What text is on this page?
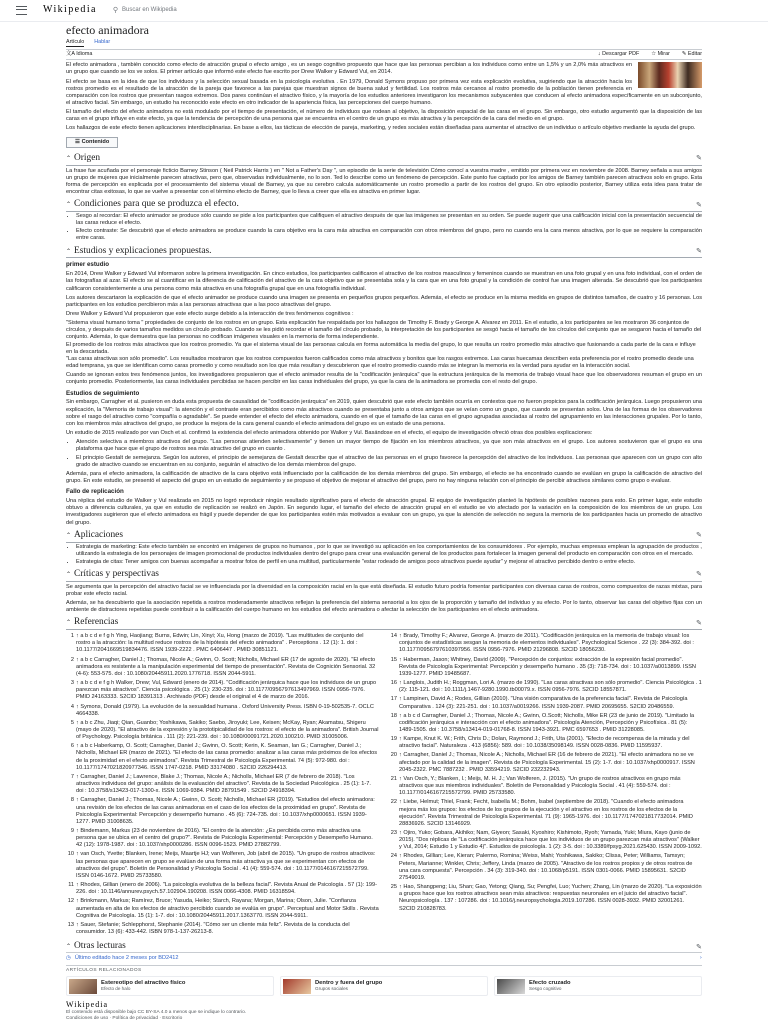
Wikipedia ⚲ Buscar en Wikipedia
efecto animadora
Artículo Hablar
文A Idioma	↓ Descargar PDF ☆ Mirar ✎ Editar

El efecto animadora , también conocido como efecto de atracción grupal o efecto amigo , es un sesgo cognitivo propuesto que hace que las personas percibian a los individuos como entre un 1,5% y un 2,0% más atractivos en un grupo que cuando se los ve solos. El primer artículo que informó este efecto fue escrito por Drew Walker y Edward Vul, en 2014.

El efecto se basa en la idea de que los individuos y la selección sexual basada en la psicología evolutiva . En 1979, Donald Symons propuso por primera vez esta explicación evolutiva, sugiriendo que la atracción hacia los rostros promedio es el resultado de la atracción de la pareja que favorece a las parejas que muestran signos de buena salud y fertilidad. Los rostros más cercanos al rostro promedio de la población tienen preferencia en comparación con los rostros que presentan rasgos extremos. Dos pares continúan el atractivo físico, y la mayoría de los estudios anteriores investigaron los mecanismos subyacentes que conducen al efecto animadora específicamente en un subconjunto, el atractivo facial. Sin embargo, un estudio ha reconocido este efecto en otro indicador de la apariencia física, las percepciones del cuerpo humano.

El tamaño del efecto del efecto animadora no está modulado por el tiempo de presentación, el número de individuos que rodean al objetivo, la disposición espacial de las caras en el grupo. Sin embargo, otro estudio argumentó que la disposición de las caras en el grupo influye en este efecto, ya que la tendencia de percepción de una persona que se encuentra en el centro de un grupo es más atractiva y la percepción de la cara del medio en el grupo.

Los hallazgos de este efecto tienen aplicaciones interdisciplinarias. En base a ellos, las tácticas de elección de pareja, marketing, y redes sociales están diseñadas para aumentar el atractivo de un individuo o artículo objetivo mediante la ayuda del grupo.

☰ Contenido
⌃ Origen	✎

La frase fue acuñada por el personaje ficticio Barney Stinson ( Neil Patrick Harris ) en " Not a Father's Day ", un episodio de la serie de televisión Cómo conocí a vuestra madre , emitido por primera vez en noviembre de 2008. Barney señala a sus amigos un grupo de mujeres que inicialmente parecen atractivas, pero que, observadas individualmente, no lo son. Ted lo describe como un fenómeno de percepción. Este punto fue captado por los amigos de Barney también parecen atractivos solo en grupo. Esta forma de percepción es explicada por el procesamiento del sistema visual de Barney, ya que su cerebro calcula automáticamente un rostro promedio a partir de los rostros del grupo. En otro episodio posterior, Barney utiliza esta idea para tratar de encontrar citas exitosas, lo que se vuelve a presentar con el término efecto de Barney, que lo lleva a creer que ella es atractiva en primer lugar.

⌃ Condiciones para que se produzca el efecto.	✎
• Sesgo al recordar: El efecto animador se produce sólo cuando se pide a los participantes que califiquen el atractivo después de que las imágenes se presentan en su orden. Se puede sugerir que una calificación inicial con la presentación secuencial de las caras reduce el efecto.
• Efecto contraste: Se descubrió que el efecto animadora se produce cuando la cara objetivo era la cara más atractiva en comparación con otros miembros del grupo, pero no cuando era la cara menos atractiva, por lo que se requiere la comparación entre caras.
⌃ Estudios y explicaciones propuestas.	✎
primer estudio

En 2014, Drew Walker y Edward Vul informaron sobre la primera investigación. En cinco estudios, los participantes calificaron el atractivo de los rostros masculinos y femeninos cuando se muestran en una foto grupal y en una foto individual, con el orden de las fotografías al azar. El efecto se al cuantificar en la diferencia de calificación del atractivo de la cara objetivo que se presentaba sola y la cara que en una foto grupal y la condición de control fue una imagen alterada. Se descubrió que los participantes calificaron consistentemente a una persona como más atractiva en una fotografía grupal que en una fotografía individual.

Los autores descartaron la explicación de que el efecto animador se produce cuando una imagen se presenta en pequeños grupos pequeños. Además, el efecto se produce en la misma medida en grupos de distintos tamaños, de cuatro y 16 personas. Los participantes en los estudios percibieron más a las personas atractivas que a las poco atractivas del grupo.

Drew Walker y Edward Vul propusieron que este efecto surge debido a la interacción de tres fenómenos cognitivos :

1. "Sistema visual humano toma " propiedades de conjunto de los rostros en un grupo. Esta explicación fue respaldada por los hallazgos de Timothy F. Brady y George A. Alvarez en 2011. En el estudio, a los participantes se les mostraron 36 conjuntos de círculos, y después de varios tamaños medidos un círculo probado. Cuando se les pidió recordar el tamaño del círculo probado, la interpretación de los participantes se sesgó hacia el tamaño de los círculos del conjunto que se sesgaron hacia el tamaño del conjunto. Además, lo que demuestra que las personas no codifican imágenes visuales en la memoria de forma independiente.
2. El promedio de los rostros más atractivos que los rostros promedio. Ya que el sistema visual de las personas calcula en forma automática la media del grupo, lo que resulta un rostro promedio más atractivo que fusionando a cada parte de la cara e influye en la descartada.
3. "Las caras atractivas son sólo promedio". Los resultados mostraron que los rostros compuestos fueron calificados como más atractivos y bonitos que los rasgos extremos. Las caras huecamas describen esta preferencia por el rostro promedio desde una edad temprana, ya que se identifican como caras promedio y como resultado son los que más resultan y descubrieron que el rostro promedio cuando más se integran la memoria es la verdad para ayudar en la interacción social.

Cuando se ignoran estos tres fenómenos juntos, los investigadores propusieron que el efecto animador resulta de la "codificación jerárquica" que la estructura jerárquica de la memoria de trabajo visual hace que los observadores resuman el grupo en un conjunto promedio. Posteriormente, las caras individuales percibidas se hacen percibir en las caras individuales del grupo, ya que la cara de la animadora se promedia con el resto del grupo.

Estudios de seguimiento

Sin embargo, Carragher et al. pusieron en duda esta propuesta de causalidad de "codificación jerárquica" en 2019, quien descubrió que este efecto también ocurría en contextos que no fueron propicios para la codificación jerárquica. Luego propusieron una explicación, la "Memoria de trabajo visual": la atención y el contraste eran percibidos como más atractivos cuando se presentaba junto a otros amigos que se veían como un grupo, que cuando se presentan solos. Una de las formas de los observadores sobre el rasgo del atractivo como "compañía o agradable". Se puede entender el efecto del efecto animadora, cuando en el que el tamaño de las caras en el grupo agrupadas asociadas al rostro del agrupamiento en las interacciones grupales. Por lo tanto, con los miembros más atractivos del grupo, se produce la mejora de la cara general cuando el efecto animadora del grupo es un estado de una persona.

Un estudio de 2015 realizado por van Osch et al. confirmó la existencia del efecto animadora obtenido por Walker y Vul. Basándose en el efecto, el equipo de investigación ofreció otras dos posibles explicaciones:

• Atención selectiva a miembros atractivos del grupo. "Las personas atienden selectivamente" y tienen un mayor tiempo de fijación en los miembros atractivos, ya que son más atractivos en el grupo. Los autores sostuvieron que el grupo es una plataforma que hace que el grupo de rostros sea más atractivo del grupo en cuanto .
• El principio Gestalt de semejanza. Según los autores, el principio de semejanza de Gestalt describe que el atractivo de las personas en el grupo favorece la percepción del atractivo de los individuos. Las personas que aparecen con un grupo con alto grado de atractivo cuando se encuentran en su conjunto, seguirán el atractivo de los demás miembros del grupo.

Además, para el efecto animadora, la calificación de atractivo de la cara objetivo está influenciado por la calificación de los demás miembros del grupo. Sin embargo, el efecto se ha encontrado cuando se evalúan en grupo la calificación de atractivo del grupo. En este estudio, se presentó el aspecto del grupo en un estudio de seguimiento y se propuso el objetivo de mejorar el atractivo del grupo, pero no hay ninguna relación con el principio de percibir atractivos similares como grupo o evaluar.

Fallo de replicación

Una réplica del estudio de Walker y Vul realizada en 2015 no logró reproducir ningún resultado significativo para el efecto de atracción grupal. El equipo de investigación planteó la hipótesis de posibles razones para esto. En primer lugar, este estudio obtuvo a diferencia culturales, ya que en estudio de replicación se realizó en Japón. En segundo lugar, el tamaño del efecto de atracción grupal en el estudio se vio afectado por la variación en la composición de los miembros de un grupo. Los investigadores sugirieron que el efecto animadora es frágil y puede depender de que los participantes estén más motivados a evaluar con un grupo, ya que la atención de selección no segura la memoria de los participantes hacia un promedio de atractivo del grupo.

⌃ Aplicaciones	✎
• Estrategia de marketing: Este efecto también se encontró en imágenes de grupos no humanos , por lo que se investigó su aplicación en los comportamientos de los consumidores . Por ejemplo, muchas empresas emplean la agrupación de productos , utilizando la estrategia de los personajes de imagen promocional de productos individuales dentro del grupo para crear una evaluación general de los productos para fortalecer la imagen general del producto en comparación con otros en el mercado.
• Estrategia de citas: Tener amigos con buenas acompañar a mostrar fotos de perfil en una multitud, particularmente "estar rodeado de amigos poco atractivos puede ayudar" y mejorar el atractivo percibido dentro o entre efecto.
⌃ Críticas y perspectivas	✎

Se argumenta que la percepción del atractivo facial se ve influenciada por la diversidad en la composición racial en la que está diseñada. El estudio futuro podría fomentar participantes con diversas caras de rostros, como compuestos de razas mixtas, para probar este efecto racial.

Además, se ha descubierto que la asociación repetida a rostros moderadamente atractivos reflejan la preferencia del sistema sensorial a los ojos de la proporción y tamaño del individuo y su efecto. Por lo tanto, observar las caras del objetivo fijas con un ambiente de distractores repetidas puede contribuir a la calificación del cuerpo humano en los estudios del efecto animadora o afectar la selección de los participantes en el efecto animadora.

⌃ Referencias	✎
1 ↑ a b c d e f g h Ying, Haojiang; Burns, Edwin; Lin, Xinyi; Xu, Hong (marzo de 2019). "Las multitudes de conjunto del rostro a la atracción: la multitud reduce rostros de la hipótesis del efecto animadora" . Perceptions . 12 (1): 1. doi : 10.1177/2041669519834476. ISSN 1939-2222 . PMC 6406447 . PMID 30851121.
2 ↑ a b c Carragher, Daniel J.; Thomas, Nicole A.; Gwinn, O. Scott; Nicholls, Michael ER (17 de agosto de 2020). "El efecto animadora es resistente a la manipulación experimental del tiempo de presentación". Revista de Cognición Sensorial. 32 (4-6): 553-575. doi : 10.1080/20445911.2020.1776718. ISSN 2044-5911.
3 ↑ a b c d e f g h Walker, Drew; Vul, Edward (enero de 2014). "Codificación jerárquica hace que los individuos de un grupo parezcan más atractivos". Ciencia psicológica . 25 (1): 230-235. doi : 10.1177/0956797613497969. ISSN 0956-7976. PMID 24163333. S2CID 18391313 . Archivado (PDF) desde el original el 4 de marzo de 2016.
4 ↑ Symons, Donald (1979). La evolución de la sexualidad humana . Oxford University Press. ISBN 0-19-502535-7. OCLC 4664338.
5 ↑ a b c Zhu, Jiaqi; Qian, Guanbo; Yoshikawa, Sakiko; Saebo, Jiroyuki; Lee, Keisen; McKay, Ryan; Akamatsu, Shigeru (mayo de 2020). "El atractivo de la expresión y la prototipicalidad de los rostros: el efecto de la animadora". British Journal of Psychology. Psicología británica . 111 (2): 221-239. doi : 10.1080/00091721.2020.100210. PMID 31005006.
6 ↑ a b c Haberkamp, O. Scott; Carragher, Daniel J.; Gwinn, O. Scott; Kerin, K. Seaman, Ian G.; Carragher, Daniel J.; Nicholls, Michael ER (marzo de 2021). "El efecto de las caras promedio: analizar a las caras más próximos de los efectos de la proximidad en el efecto animadora". Revista Trimestral de Psicología Experimental. 74 (5): 972-980. doi : 10.1177/1747021820977346. ISSN 1747-0218. PMID 33174080 . S2CID 226294413.
7 ↑ Carragher, Daniel J.; Lawrence, Blake J.; Thomas, Nicole A.; Nicholls, Michael ER (7 de febrero de 2018). "Los atractivos individuos del grupo: análisis de la evaluación del atractivo". Revista de la Sociedad Psicológica . 25 (1): 1-7. doi : 10.3758/s13423-017-1300-x. ISSN 1069-9384. PMID 28791549 . S2CID 24918394.
8 ↑ Carragher, Daniel J.; Thomas, Nicole A.; Gwinn, O. Scott; Nicholls, Michael ER (2019). "Estudios del efecto animadora: una revisión de los efectos de las caras animadoras en el caso de los efectos de la proximidad en grupo". Revista de Psicología Experimental: Percepción y desempeño humano . 45 (6): 724-735. doi : 10.1037/xhp0000651. ISSN 1939-1277. PMID 31008635.
9 ↑ Bindemann, Markus (23 de noviembre de 2016). "El centro de la atención: ¿Es percibida como más atractiva una persona que se ubica en el centro del grupo?". Revista de Psicología Experimental: Percepción y Desempeño Humano. 42 (12): 1978-1987. doi : 10.1037/xhp0000286. ISSN 0096-1523. PMID 27882799.
10 ↑ van Osch, Yvette; Blanken, Irene; Meijs, Maartje HJ; van Wolferen, Job (abril de 2015). "Un grupo de rostros atractivos: las personas que aparecen en grupo se evalúan de una forma más atractiva ya que se experimentan con efectos de atractivos del grupo". Boletín de Personalidad y Psicología Social . 41 (4): 559-574. doi : 10.1177/0146167215572799. ISSN 0146-1672. PMID 25733580.
11 ↑ Rhodes, Gillian (enero de 2006). "La psicología evolutiva de la belleza facial". Revista Anual de Psicología . 57 (1): 199-226. doi : 10.1146/annurev.psych.57.102904.190208. ISSN 0066-4308. PMID 16318594.
12 ↑ Brinkmann, Markus; Ramírez, Bruce; Yasuda, Heiko; Starch, Rayana; Morgan, Marina; Olson, Julie. "Confianza aumentada en alta de los efectos de atractivo percibido cuando se evalúa en grupo". Perceptual and Motor Skills . Revista Cognitiva de Psicología. 15 (1): 1-7. doi : 10.1080/20445911.2017.1363770. ISSN 2044-5911.
13 ↑ Sauer, Stefanie; Schlepphorst, Stephanie (2014). "Cómo ser un cliente más feliz". Revista de la conducta del consumidor. 13 (6): 433-442. ISBN 978-1-137-26213-8.
14 ↑ Brady, Timothy F.; Alvarez, George A. (marzo de 2011). "Codificación jerárquica en la memoria de trabajo visual: los conjuntos de estadísticas sesgan la memoria de elementos individuales". Psychological Science . 22 (3): 384-392. doi : 10.1177/0956797610397956. ISSN 0956-7976. PMID 21296808. S2CID 18056230.
15 ↑ Haberman, Jason; Whitney, David (2009). "Percepción de conjuntos: extracción de la expresión facial promedio". Revista de Psicología Experimental: Percepción y desempeño humano . 35 (3): 718-734. doi : 10.1037/a0013899. ISSN 1939-1277. PMID 19485687.
16 ↑ Langlois, Judith H.; Roggman, Lori A. (marzo de 1990). "Las caras atractivas son sólo promedio". Ciencia Psicológica . 1 (2): 115-121. doi : 10.1111/j.1467-9280.1990.tb00079.x. ISSN 0956-7976. S2CID 18557871.
17 ↑ Lampinen, David A.; Rodes, Gillian (2010). "Una visión comparativa de la preferencia facial". Revista de Psicología Comparativa . 124 (3): 221-251. doi : 10.1037/a0019266. ISSN 1939-2087. PMID 20695655. S2CID 20486559.
18 ↑ a b c d Carragher, Daniel J.; Thomas, Nicole A.; Gwinn, O.Scott; Nicholls, Mike ER (23 de junio de 2019). "Limitado la codificación jerárquica e interacción con el efecto animadora". Psicología Atención, Percepción y Psicofísica . 81 (5): 1489-1505. doi : 10.3758/s13414-019-01768-8. ISSN 1943-3921. PMC 6597653 . PMID 31228085.
19 ↑ Kampe, Knut K. W.; Frith, Chris D.; Dolan, Raymond J.; Frith, Uta (2001). "Efecto de recompensa de la mirada y del atractivo facial". Naturaleza . 413 (6856): 589. doi : 10.1038/35098149. ISSN 0028-0836. PMID 11595937.
20 ↑ Carragher, Daniel J.; Thomas, Nicole A.; Nicholls, Michael ER (16 de febrero de 2021). "El efecto animadora no se ve afectado por la calidad de la imagen". Revista de Psicología Experimental. 15 (2): 1-7. doi : 10.1037/xhp0000917. ISSN 2045-2322. PMC 7887232 . PMID 33594219. S2CID 232232943.
21 ↑ Van Osch, Y.; Blanken, I.; Meijs, M. H. J.; Van Wolferen, J. (2015). "Un grupo de rostros atractivos en grupo más atractivos que sus miembros individuales". Boletín de Personalidad y Psicología Social . 41 (4): 559-574. doi : 10.1177/0146167215572799. PMID 25733580.
22 ↑ Liebe, Helmut; Thiel, Frank; Fecht, Isabella M.; Bohm, Isabel (septiembre de 2018). "Cuando el efecto animadora mejora más los grupos: los efectos de los grupos de la ejecución y el atractivo en los rostros de los efectos de la ejecución". Revista Trimestral de Psicología Experimental. 71 (9): 1965-1976. doi : 10.1177/1747021817732014. PMID 28836926. S2CID 13146929.
23 ↑ Ojiro, Yuko; Gobara, Akihiko; Nam, Giyeon; Sasaki, Kyoshiro; Kishimoto, Ryoh; Yamada, Yuki; Miura, Kayo (junio de 2015). "Dos réplicas de "La codificación jerárquica hace que los individuos de un grupo parezcan más atractivos" (Walker y Vul, 2014; Estudio 1 y Estudio 4)". Estudios de psicología. 1 (2): 3-5. doi : 10.3389/fpsyg.2021.625430. ISSN 2009-1092.
24 ↑ Rhodes, Gillian; Lee, Kieran; Palermo, Romina; Weiss, Mahi; Yoshikawa, Sakiko; Clissa, Peter; Williams, Tamsyn; Peters, Marianne; Winkler, Chris; Jeffery, Linda (marzo de 2005). "Atractivo de los rostros propios y de otros rostros de una cara compuesta". Percepción . 34 (3): 319-340. doi : 10.1068/p5191. ISSN 0301-0066. PMID 15895631. S2CID 27549019.
25 ↑ Hao, Shangpeng; Liu, Shan; Gao, Yetong; Qiang, Su; Pengfei, Luo; Yuchen; Zhang, Lin (marzo de 2020). "La exposición a grupos hace que los rostros atractivos sean más atractivos: respuestas neuronales en el juicio del atractivo facial". Neuropsicología . 137 : 107286. doi : 10.1016/j.neuropsychologia.2019.107286. ISSN 0028-3932. PMID 32001261. S2CID 210828783.
⌃ Otras lecturas	✎
◷ Último editado hace 2 meses por BD2412	›
ARTÍCULOS RELACIONADOS
Estereotipo del atractivo físico
Efecto de halo
Dentro y fuera del grupo
Grupos sociales
Efecto cruzado
Sesgo cognitivo
Wikipedia
El contenido está disponible bajo CC BY-SA 4.0 a menos que se indique lo contrario.
Condiciones de uso · Política de privacidad · Escritorio
